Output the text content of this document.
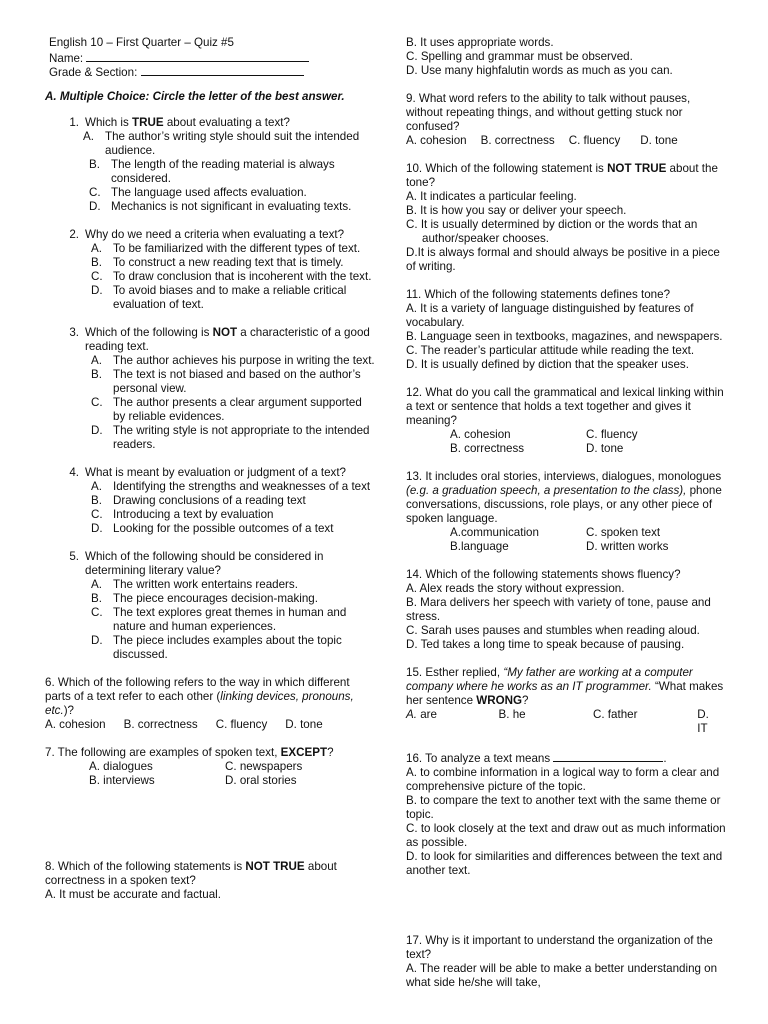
English 10 – First Quarter – Quiz #5
Name:
Grade & Section:
A. Multiple Choice: Circle the letter of the best answer.
1. Which is TRUE about evaluating a text?
A. The author’s writing style should suit the intended audience.
B. The length of the reading material is always considered.
C. The language used affects evaluation.
D. Mechanics is not significant in evaluating texts.
2. Why do we need a criteria when evaluating a text?
A. To be familiarized with the different types of text.
B. To construct a new reading text that is timely.
C. To draw conclusion that is incoherent with the text.
D. To avoid biases and to make a reliable critical evaluation of text.
3. Which of the following is NOT a characteristic of a good reading text.
A. The author achieves his purpose in writing the text.
B. The text is not biased and based on the author’s personal view.
C. The author presents a clear argument supported by reliable evidences.
D. The writing style is not appropriate to the intended readers.
4. What is meant by evaluation or judgment of a text?
A. Identifying the strengths and weaknesses of a text
B. Drawing conclusions of a reading text
C. Introducing a text by evaluation
D. Looking for the possible outcomes of a text
5. Which of the following should be considered in determining literary value?
A. The written work entertains readers.
B. The piece encourages decision-making.
C. The text explores great themes in human and nature and human experiences.
D. The piece includes examples about the topic discussed.
6. Which of the following refers to the way in which different parts of a text refer to each other (linking devices, pronouns, etc.)?
A. cohesion B. correctness C. fluency D. tone
7. The following are examples of spoken text, EXCEPT?
A. dialogues	C. newspapers
B. interviews	D. oral stories
8. Which of the following statements is NOT TRUE about correctness in a spoken text?
A. It must be accurate and factual.
B. It uses appropriate words.
C. Spelling and grammar must be observed.
D. Use many highfalutin words as much as you can.
9. What word refers to the ability to talk without pauses, without repeating things, and without getting stuck nor confused?
A. cohesion B. correctness C. fluency D. tone
10. Which of the following statement is NOT TRUE about the tone?
A. It indicates a particular feeling.
B. It is how you say or deliver your speech.
C. It is usually determined by diction or the words that an author/speaker chooses.
D.It is always formal and should always be positive in a piece of writing.
11. Which of the following statements defines tone?
A. It is a variety of language distinguished by features of vocabulary.
B. Language seen in textbooks, magazines, and newspapers.
C. The reader’s particular attitude while reading the text.
D. It is usually defined by diction that the speaker uses.
12. What do you call the grammatical and lexical linking within a text or sentence that holds a text together and gives it meaning?
A. cohesion	C. fluency
B. correctness	D. tone
13. It includes oral stories, interviews, dialogues, monologues (e.g. a graduation speech, a presentation to the class), phone conversations, discussions, role plays, or any other piece of spoken language.
A.communication	C. spoken text
B.language	D. written works
14. Which of the following statements shows fluency?
A. Alex reads the story without expression.
B. Mara delivers her speech with variety of tone, pause and stress.
C. Sarah uses pauses and stumbles when reading aloud.
D. Ted takes a long time to speak because of pausing.
15. Esther replied, “My father are working at a computer company where he works as an IT programmer. “What makes her sentence WRONG?
A. are	B. he	C. father	D. IT
16. To analyze a text means	.
A. to combine information in a logical way to form a clear and comprehensive picture of the topic.
B. to compare the text to another text with the same theme or topic.
C. to look closely at the text and draw out as much information as possible.
D. to look for similarities and differences between the text and another text.
17. Why is it important to understand the organization of the text?
A. The reader will be able to make a better understanding on what side he/she will take,
